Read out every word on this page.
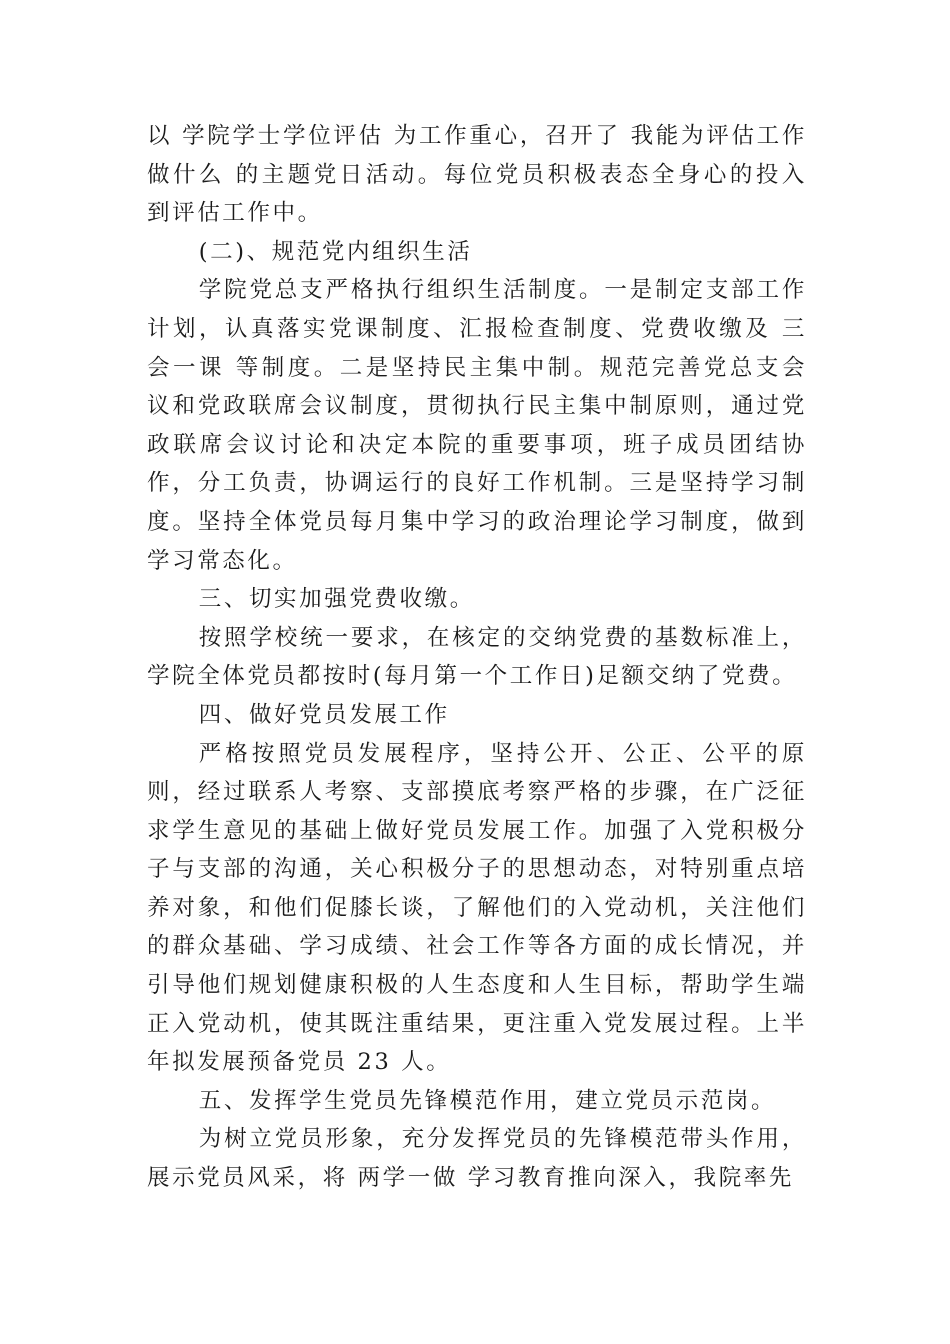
以 学院学士学位评估 为工作重心，召开了 我能为评估工作做什么 的主题党日活动。每位党员积极表态全身心的投入到评估工作中。

(二)、规范党内组织生活

学院党总支严格执行组织生活制度。一是制定支部工作计划，认真落实党课制度、汇报检查制度、党费收缴及 三会一课 等制度。二是坚持民主集中制。规范完善党总支会议和党政联席会议制度，贯彻执行民主集中制原则，通过党政联席会议讨论和决定本院的重要事项，班子成员团结协作，分工负责，协调运行的良好工作机制。三是坚持学习制度。坚持全体党员每月集中学习的政治理论学习制度，做到学习常态化。

三、切实加强党费收缴。

按照学校统一要求，在核定的交纳党费的基数标准上，学院全体党员都按时(每月第一个工作日)足额交纳了党费。

四、做好党员发展工作

严格按照党员发展程序，坚持公开、公正、公平的原则，经过联系人考察、支部摸底考察严格的步骤，在广泛征求学生意见的基础上做好党员发展工作。加强了入党积极分子与支部的沟通，关心积极分子的思想动态，对特别重点培养对象，和他们促膝长谈，了解他们的入党动机，关注他们的群众基础、学习成绩、社会工作等各方面的成长情况，并引导他们规划健康积极的人生态度和人生目标，帮助学生端正入党动机，使其既注重结果，更注重入党发展过程。上半年拟发展预备党员 23 人。

五、发挥学生党员先锋模范作用，建立党员示范岗。

为树立党员形象，充分发挥党员的先锋模范带头作用，展示党员风采，将 两学一做 学习教育推向深入，我院率先
